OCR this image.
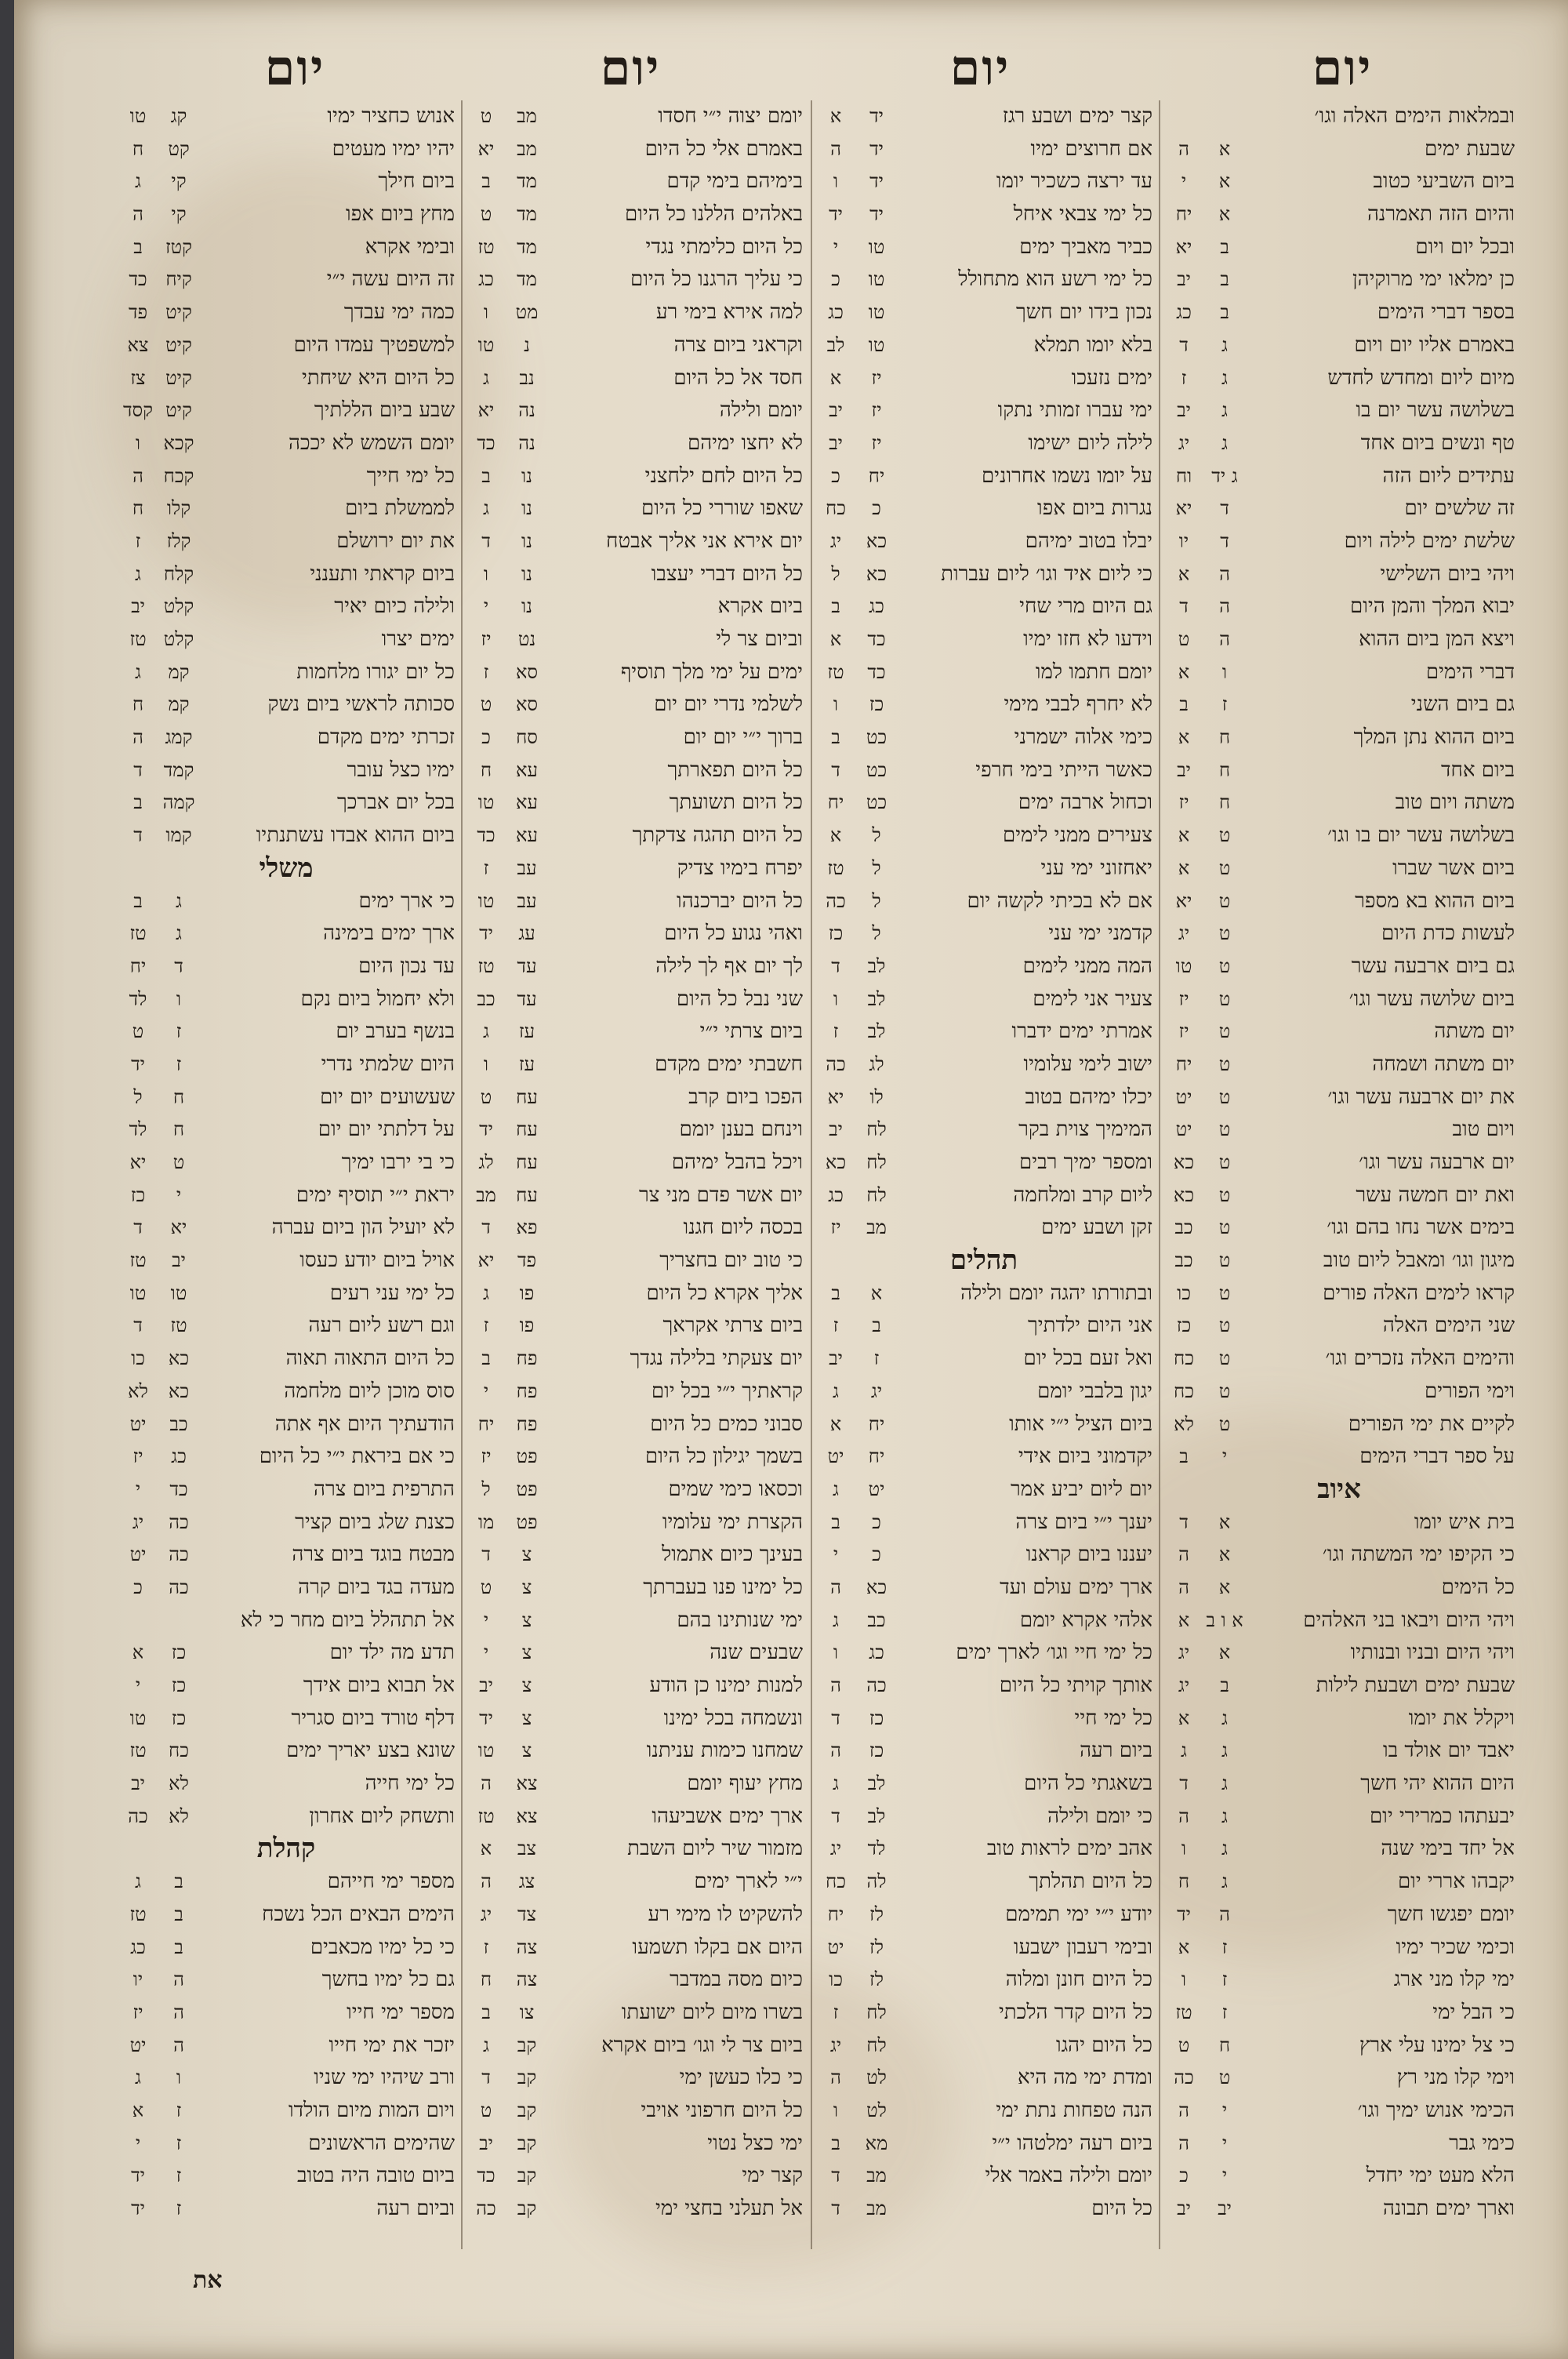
יום
יום
יום
יום
ובמלאות הימים האלה וגו׳
שבעת ימים
א
ה
ביום השביעי כטוב
א
י
והיום הזה תאמרנה
א
יח
ובכל יום ויום
ב
יא
כן ימלאו ימי מרוקיהן
ב
יב
בספר דברי הימים
ב
כג
באמרם אליו יום ויום
ג
ד
מיום ליום ומחדש לחדש
ג
ז
בשלושה עשר יום בו
ג
יב
טף ונשים ביום אחד
ג
יג
עתידים ליום הזה
ג יד
וח
זה שלשים יום
ד
יא
שלשת ימים לילה ויום
ד
יו
ויהי ביום השלישי
ה
א
יבוא המלך והמן היום
ה
ד
ויצא המן ביום ההוא
ה
ט
דברי הימים
ו
א
גם ביום השני
ז
ב
ביום ההוא נתן המלך
ח
א
ביום אחד
ח
יב
משתה ויום טוב
ח
יז
בשלושה עשר יום בו וגו׳
ט
א
ביום אשר שברו
ט
א
ביום ההוא בא מספר
ט
יא
לעשות כדת היום
ט
יג
גם ביום ארבעה עשר
ט
טו
ביום שלושה עשר וגו׳
ט
יז
יום משתה
ט
יז
יום משתה ושמחה
ט
יח
את יום ארבעה עשר וגו׳
ט
יט
ויום טוב
ט
יט
יום ארבעה עשר וגו׳
ט
כא
ואת יום חמשה עשר
ט
כא
בימים אשר נחו בהם וגו׳
ט
כב
מיגון וגו׳ ומאבל ליום טוב
ט
כב
קראו לימים האלה פורים
ט
כו
שני הימים האלה
ט
כז
והימים האלה נזכרים וגו׳
ט
כח
וימי הפורים
ט
כח
לקיים את ימי הפורים
ט
לא
על ספר דברי הימים
י
ב
איוב
בית איש יומו
א
ד
כי הקיפו ימי המשתה וגו׳
א
ה
כל הימים
א
ה
ויהי היום ויבאו בני האלהים
א ו ב
א
ויהי היום ובניו ובנותיו
א
יג
שבעת ימים ושבעת לילות
ב
יג
ויקלל את יומו
ג
א
יאבד יום אולד בו
ג
ג
היום ההוא יהי חשך
ג
ד
יבעתהו כמרירי יום
ג
ה
אל יחד בימי שנה
ג
ו
יקבהו אררי יום
ג
ח
יומם יפגשו חשך
ה
יד
וכימי שכיר ימיו
ז
א
ימי קלו מני ארג
ז
ו
כי הבל ימי
ז
טז
כי צל ימינו עלי ארץ
ח
ט
וימי קלו מני רץ
ט
כה
הכימי אנוש ימיך וגו׳
י
ה
כימי גבר
י
ה
הלא מעט ימי יחדל
י
כ
וארך ימים תבונה
יב
יב
קצר ימים ושבע רגז
יד
א
אם חרוצים ימיו
יד
ה
עד ירצה כשכיר יומו
יד
ו
כל ימי צבאי איחל
יד
יד
כביר מאביך ימים
טו
י
כל ימי רשע הוא מתחולל
טו
כ
נכון בידו יום חשך
טו
כג
בלא יומו תמלא
טו
לב
ימים נזעכו
יז
א
ימי עברו זמותי נתקו
יז
יב
לילה ליום ישימו
יז
יב
על יומו נשמו אחרונים
יח
כ
נגרות ביום אפו
כ
כח
יבלו בטוב ימיהם
כא
יג
כי ליום איד וגו׳ ליום עברות
כא
ל
גם היום מרי שחי
כג
ב
וידעו לא חזו ימיו
כד
א
יומם חתמו למו
כד
טז
לא יחרף לבבי מימי
כז
ו
כימי אלוה ישמרני
כט
ב
כאשר הייתי בימי חרפי
כט
ד
וכחול ארבה ימים
כט
יח
צעירים ממני לימים
ל
א
יאחזוני ימי עני
ל
טז
אם לא בכיתי לקשה יום
ל
כה
קדמני ימי עני
ל
כז
המה ממני לימים
לב
ד
צעיר אני לימים
לב
ו
אמרתי ימים ידברו
לב
ז
ישוב לימי עלומיו
לג
כה
יכלו ימיהם בטוב
לו
יא
המימיך צוית בקר
לח
יב
ומספר ימיך רבים
לח
כא
ליום קרב ומלחמה
לח
כג
זקן ושבע ימים
מב
יז
תהלים
ובתורתו יהגה יומם ולילה
א
ב
אני היום ילדתיך
ב
ז
ואל זעם בכל יום
ז
יב
יגון בלבבי יומם
יג
ג
ביום הציל י״י אותו
יח
א
יקדמוני ביום אידי
יח
יט
יום ליום יביע אמר
יט
ג
יענך י״י ביום צרה
כ
ב
יעננו ביום קראנו
כ
י
ארך ימים עולם ועד
כא
ה
אלהי אקרא יומם
כב
ג
כל ימי חיי וגו׳ לארך ימים
כג
ו
אותך קויתי כל היום
כה
ה
כל ימי חיי
כז
ד
ביום רעה
כז
ה
בשאגתי כל היום
לב
ג
כי יומם ולילה
לב
ד
אהב ימים לראות טוב
לד
יג
כל היום תהלתך
לה
כח
יודע י״י ימי תמימם
לז
יח
ובימי רעבון ישבעו
לז
יט
כל היום חונן ומלוה
לז
כו
כל היום קדר הלכתי
לח
ז
כל היום יהגו
לח
יג
ומדת ימי מה היא
לט
ה
הנה טפחות נתת ימי
לט
ו
ביום רעה ימלטהו י״י
מא
ב
יומם ולילה באמר אלי
מב
ד
כל היום
מב
ד
יומם יצוה י״י חסדו
מב
ט
באמרם אלי כל היום
מב
יא
בימיהם בימי קדם
מד
ב
באלהים הללנו כל היום
מד
ט
כל היום כלימתי נגדי
מד
טז
כי עליך הרגנו כל היום
מד
כג
למה אירא בימי רע
מט
ו
וקראני ביום צרה
נ
טו
חסד אל כל היום
נב
ג
יומם ולילה
נה
יא
לא יחצו ימיהם
נה
כד
כל היום לחם ילחצני
נו
ב
שאפו שוררי כל היום
נו
ג
יום אירא אני אליך אבטח
נו
ד
כל היום דברי יעצבו
נו
ו
ביום אקרא
נו
י
וביום צר לי
נט
יז
ימים על ימי מלך תוסיף
סא
ז
לשלמי נדרי יום יום
סא
ט
ברוך י״י יום יום
סח
כ
כל היום תפארתך
עא
ח
כל היום תשועתך
עא
טו
כל היום תהגה צדקתך
עא
כד
יפרח בימיו צדיק
עב
ז
כל היום יברכנהו
עב
טו
ואהי נגוע כל היום
עג
יד
לך יום אף לך לילה
עד
טז
שני נבל כל היום
עד
כב
ביום צרתי י״י
עז
ג
חשבתי ימים מקדם
עז
ו
הפכו ביום קרב
עח
ט
וינחם בענן יומם
עח
יד
ויכל בהבל ימיהם
עח
לג
יום אשר פדם מני צר
עח
מב
בכסה ליום חגנו
פא
ד
כי טוב יום בחצריך
פד
יא
אליך אקרא כל היום
פו
ג
ביום צרתי אקראך
פו
ז
יום צעקתי בלילה נגדך
פח
ב
קראתיך י״י בכל יום
פח
י
סבוני כמים כל היום
פח
יח
בשמך יגילון כל היום
פט
יז
וכסאו כימי שמים
פט
ל
הקצרת ימי עלומיו
פט
מו
בעינך כיום אתמול
צ
ד
כל ימינו פנו בעברתך
צ
ט
ימי שנותינו בהם
צ
י
שבעים שנה
צ
י
למנות ימינו כן הודע
צ
יב
ונשמחה בכל ימינו
צ
יד
שמחנו כימות עניתנו
צ
טו
מחץ יעוף יומם
צא
ה
ארך ימים אשביעהו
צא
טז
מזמור שיר ליום השבת
צב
א
י״י לארך ימים
צג
ה
להשקיט לו מימי רע
צד
יג
היום אם בקלו תשמעו
צה
ז
כיום מסה במדבר
צה
ח
בשרו מיום ליום ישועתו
צו
ב
ביום צר לי וגו׳ ביום אקרא
קב
ג
כי כלו כעשן ימי
קב
ד
כל היום חרפוני אויבי
קב
ט
ימי כצל נטוי
קב
יב
קצר ימי
קב
כד
אל תעלני בחצי ימי
קב
כה
אנוש כחציר ימיו
קג
טו
יהיו ימיו מעטים
קט
ח
ביום חילך
קי
ג
מחץ ביום אפו
קי
ה
ובימי אקרא
קטז
ב
זה היום עשה י״י
קיח
כד
כמה ימי עבדך
קיט
פד
למשפטיך עמדו היום
קיט
צא
כל היום היא שיחתי
קיט
צז
שבע ביום הללתיך
קיט
קסד
יומם השמש לא יככה
קכא
ו
כל ימי חייך
קכח
ה
לממשלת ביום
קלו
ח
את יום ירושלם
קלז
ז
ביום קראתי ותענני
קלח
ג
ולילה כיום יאיר
קלט
יב
ימים יצרו
קלט
טז
כל יום יגורו מלחמות
קמ
ג
סכותה לראשי ביום נשק
קמ
ח
זכרתי ימים מקדם
קמג
ה
ימיו כצל עובר
קמד
ד
בכל יום אברכך
קמה
ב
ביום ההוא אבדו עשתנתיו
קמו
ד
משלי
כי ארך ימים
ג
ב
ארך ימים בימינה
ג
טז
עד נכון היום
ד
יח
ולא יחמול ביום נקם
ו
לד
בנשף בערב יום
ז
ט
היום שלמתי נדרי
ז
יד
שעשועים יום יום
ח
ל
על דלתתי יום יום
ח
לד
כי בי ירבו ימיך
ט
יא
יראת י״י תוסיף ימים
י
כז
לא יועיל הון ביום עברה
יא
ד
אויל ביום יודע כעסו
יב
טז
כל ימי עני רעים
טו
טו
וגם רשע ליום רעה
טז
ד
כל היום התאוה תאוה
כא
כו
סוס מוכן ליום מלחמה
כא
לא
הודעתיך היום אף אתה
כב
יט
כי אם ביראת י״י כל היום
כג
יז
התרפית ביום צרה
כד
י
כצנת שלג ביום קציר
כה
יג
מבטח בוגד ביום צרה
כה
יט
מעדה בגד ביום קרה
כה
כ
אל תתהלל ביום מחר כי לא
תדע מה ילד יום
כז
א
אל תבוא ביום אידך
כז
י
דלף טורד ביום סגריר
כז
טו
שונא בצע יאריך ימים
כח
טז
כל ימי חייה
לא
יב
ותשחק ליום אחרון
לא
כה
קהלת
מספר ימי חייהם
ב
ג
הימים הבאים הכל נשכח
ב
טז
כי כל ימיו מכאבים
ב
כג
גם כל ימיו בחשך
ה
יו
מספר ימי חייו
ה
יז
יזכר את ימי חייו
ה
יט
ורב שיהיו ימי שניו
ו
ג
ויום המות מיום הולדו
ז
א
שהימים הראשונים
ז
י
ביום טובה היה בטוב
ז
יד
וביום רעה
ז
יד
את
